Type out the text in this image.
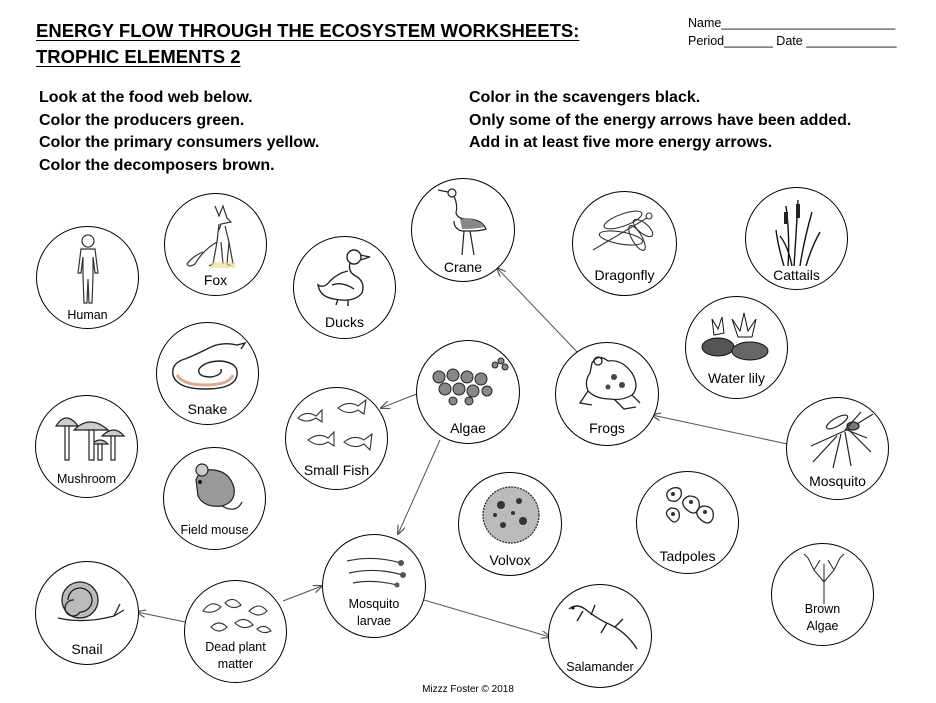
ENERGY FLOW THROUGH THE ECOSYSTEM WORKSHEETS:
TROPHIC ELEMENTS 2
Name_________________________
Period_______ Date _____________
Look at the food web below.
Color the producers green.
Color the primary consumers yellow.
Color the decomposers brown.
Color in the scavengers black.
Only some of the energy arrows have been added.
Add in at least five more energy arrows.
Human
Fox
Ducks
Crane	Dragonfly	Cattails
Snake
Algae	Frogs
Water lily
Mushroom
Small Fish
Mosquito
Field mouse
Volvox	Tadpoles
Brown
Algae
Snail	Dead plant
matter
Mosquito
larvae
Salamander
Mizzz Foster © 2018
